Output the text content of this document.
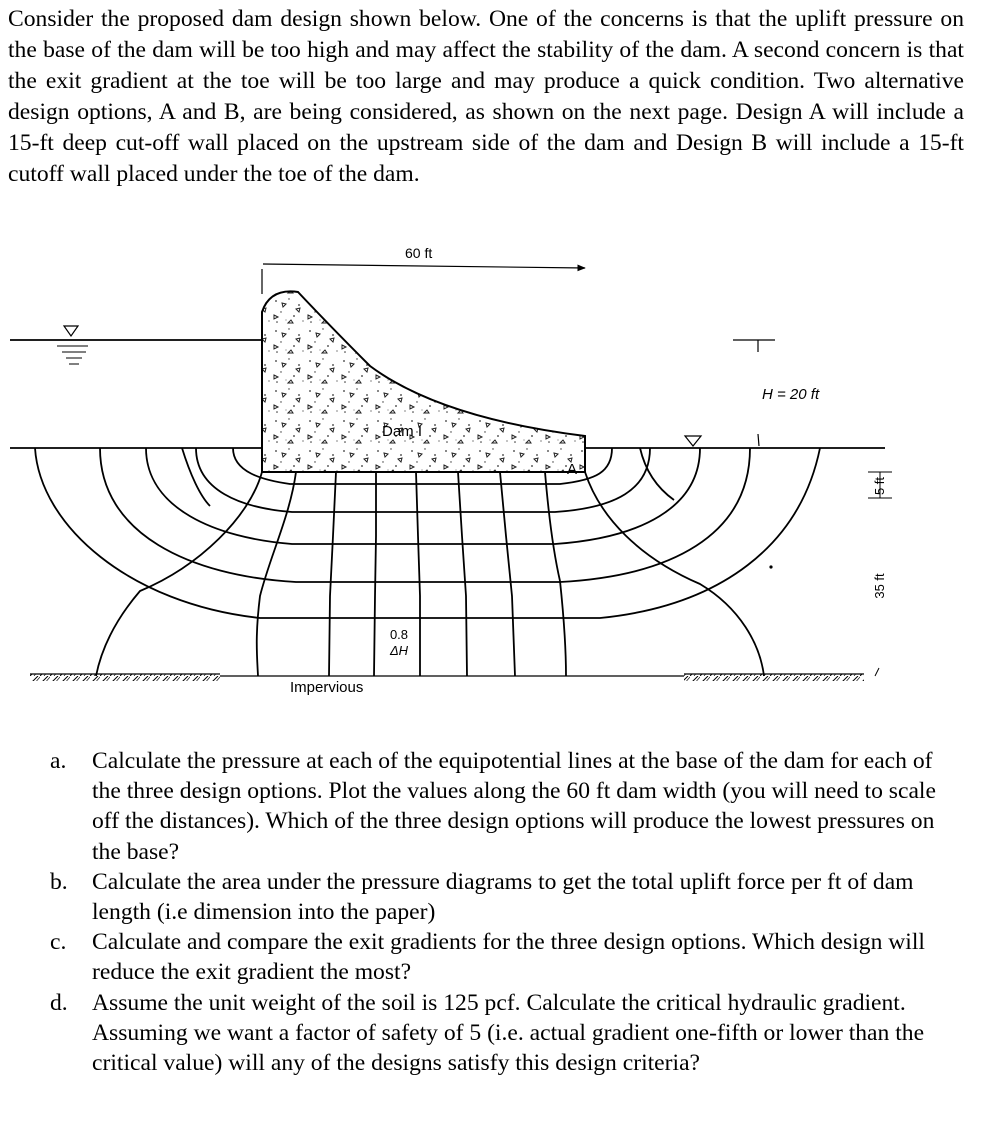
Consider the proposed dam design shown below. One of the concerns is that the uplift pressure on the base of the dam will be too high and may affect the stability of the dam. A second concern is that the exit gradient at the toe will be too large and may produce a quick condition. Two alternative design options, A and B, are being considered, as shown on the next page. Design A will include a 15-ft deep cut-off wall placed on the upstream side of the dam and Design B will include a 15-ft cutoff wall placed under the toe of the dam.

60 ft
Dam I
A
H = 20 ft
5 ft
35 ft
Impervious
0.8
ΔH
a. Calculate the pressure at each of the equipotential lines at the base of the dam for each of the three design options. Plot the values along the 60 ft dam width (you will need to scale off the distances). Which of the three design options will produce the lowest pressures on the base?
b. Calculate the area under the pressure diagrams to get the total uplift force per ft of dam length (i.e dimension into the paper)
c. Calculate and compare the exit gradients for the three design options. Which design will reduce the exit gradient the most?
d. Assume the unit weight of the soil is 125 pcf. Calculate the critical hydraulic gradient. Assuming we want a factor of safety of 5 (i.e. actual gradient one-fifth or lower than the critical value) will any of the designs satisfy this design criteria?
